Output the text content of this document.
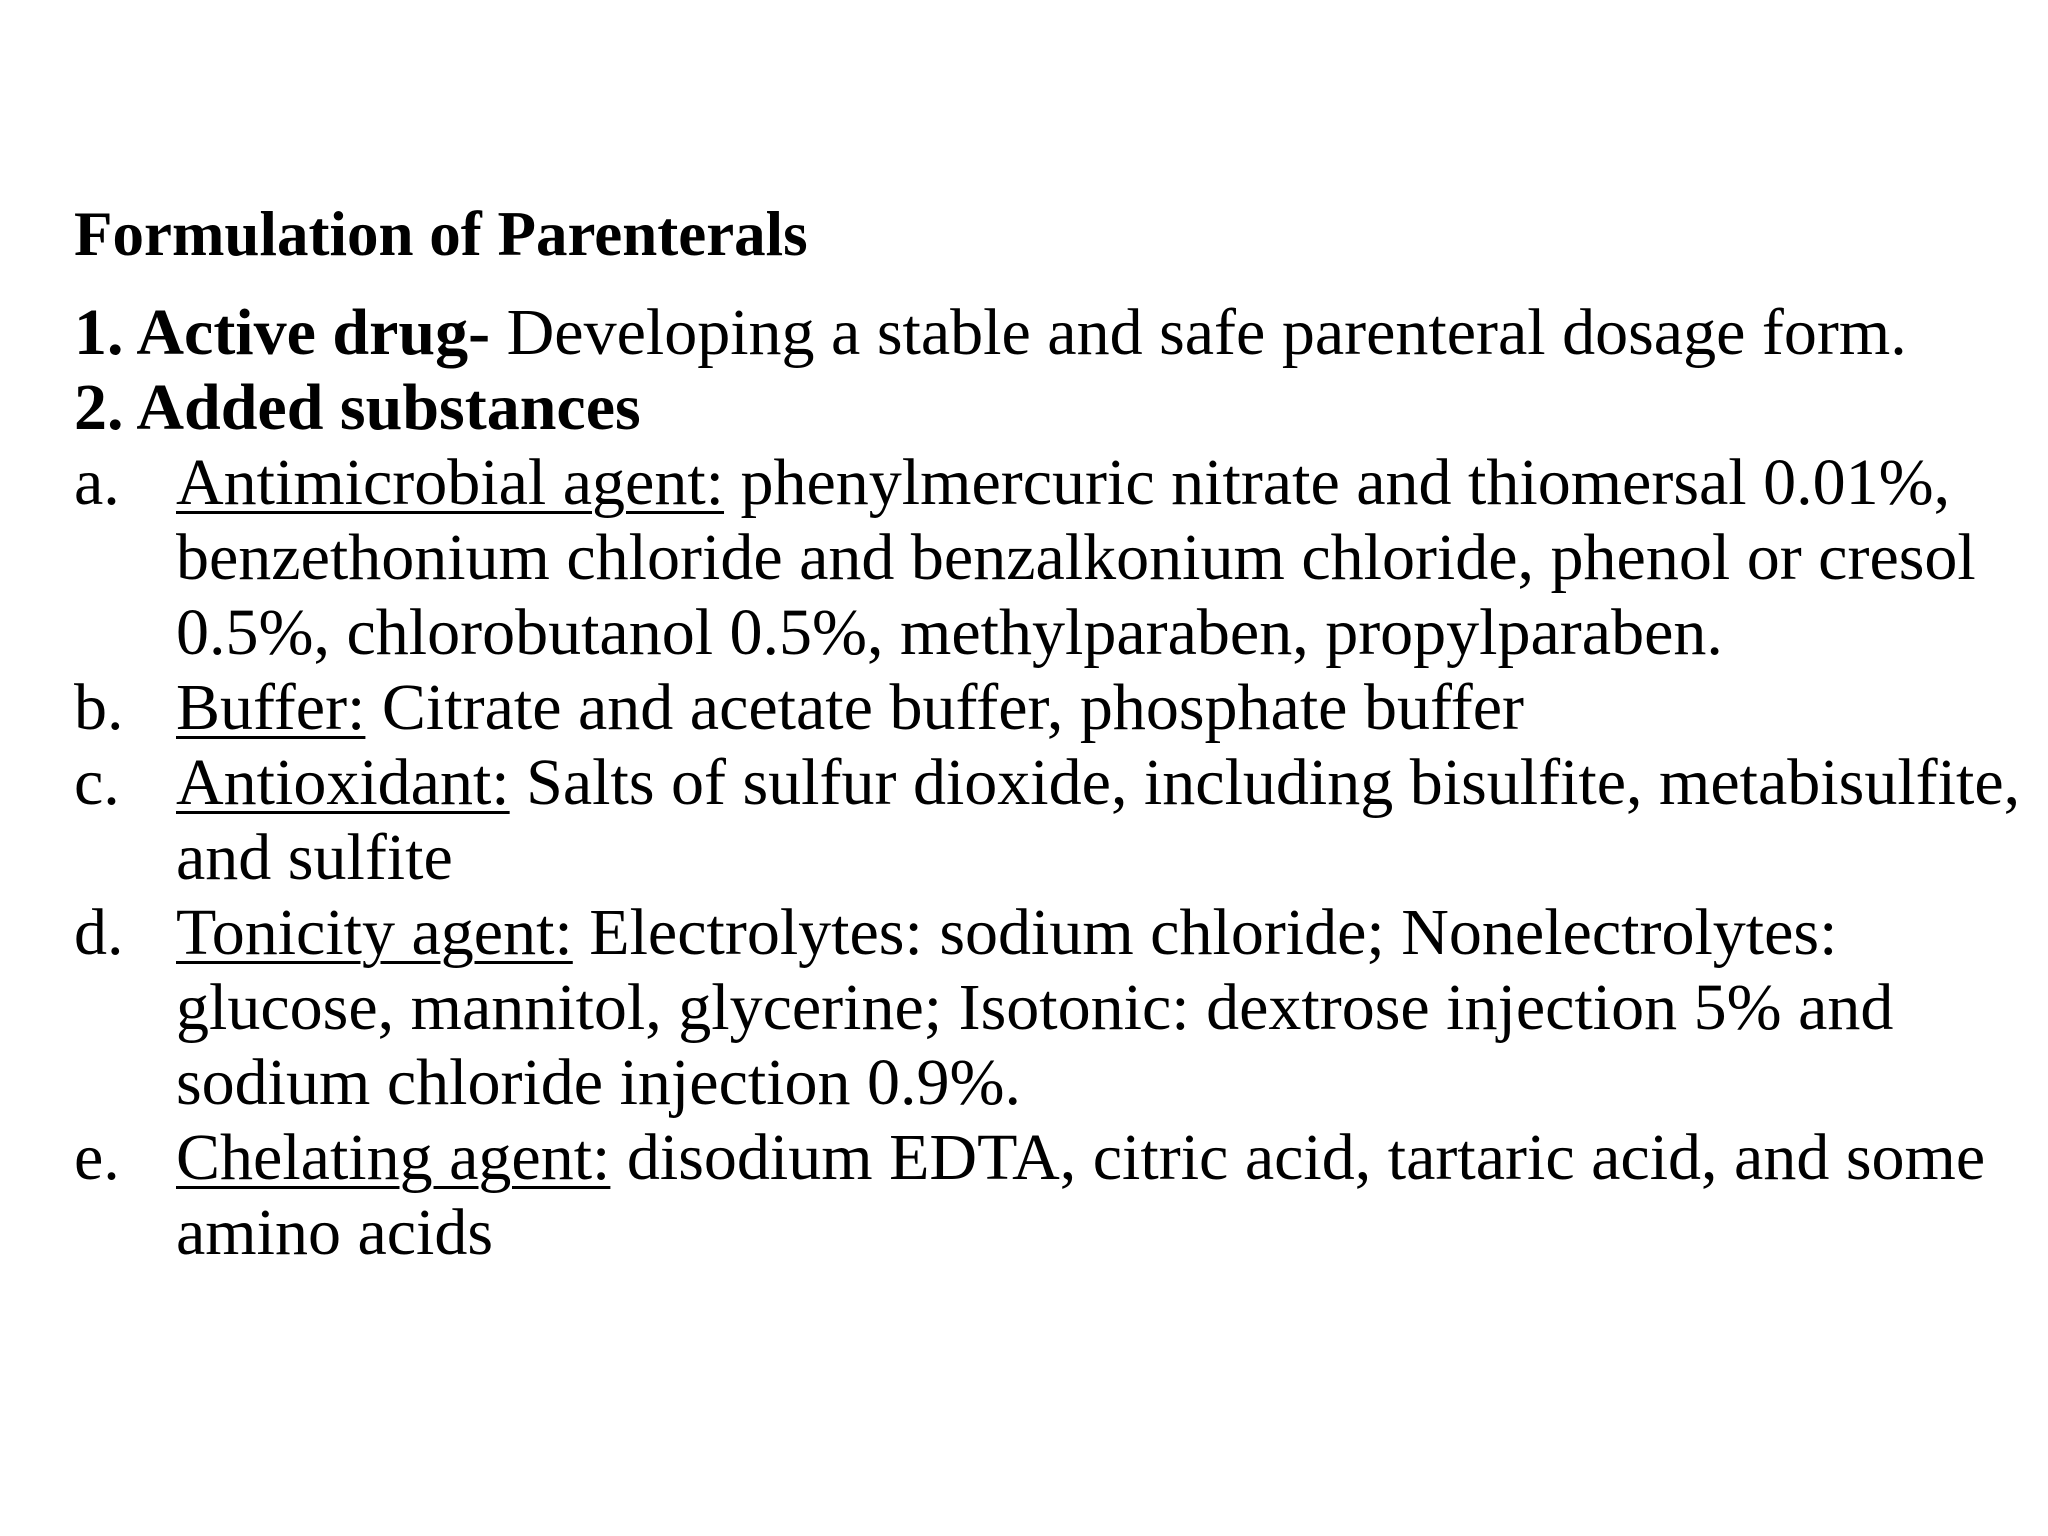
Formulation of Parenterals
1. Active drug- Developing a stable and safe parenteral dosage form.
2. Added substances
a. Antimicrobial agent: phenylmercuric nitrate and thiomersal 0.01%, benzethonium chloride and benzalkonium chloride, phenol or cresol 0.5%, chlorobutanol 0.5%, methylparaben, propylparaben.
b. Buffer: Citrate and acetate buffer, phosphate buffer
c. Antioxidant: Salts of sulfur dioxide, including bisulfite, metabisulfite, and sulfite
d. Tonicity agent: Electrolytes: sodium chloride; Nonelectrolytes: glucose, mannitol, glycerine; Isotonic: dextrose injection 5% and sodium chloride injection 0.9%.
e. Chelating agent: disodium EDTA, citric acid, tartaric acid, and some amino acids
